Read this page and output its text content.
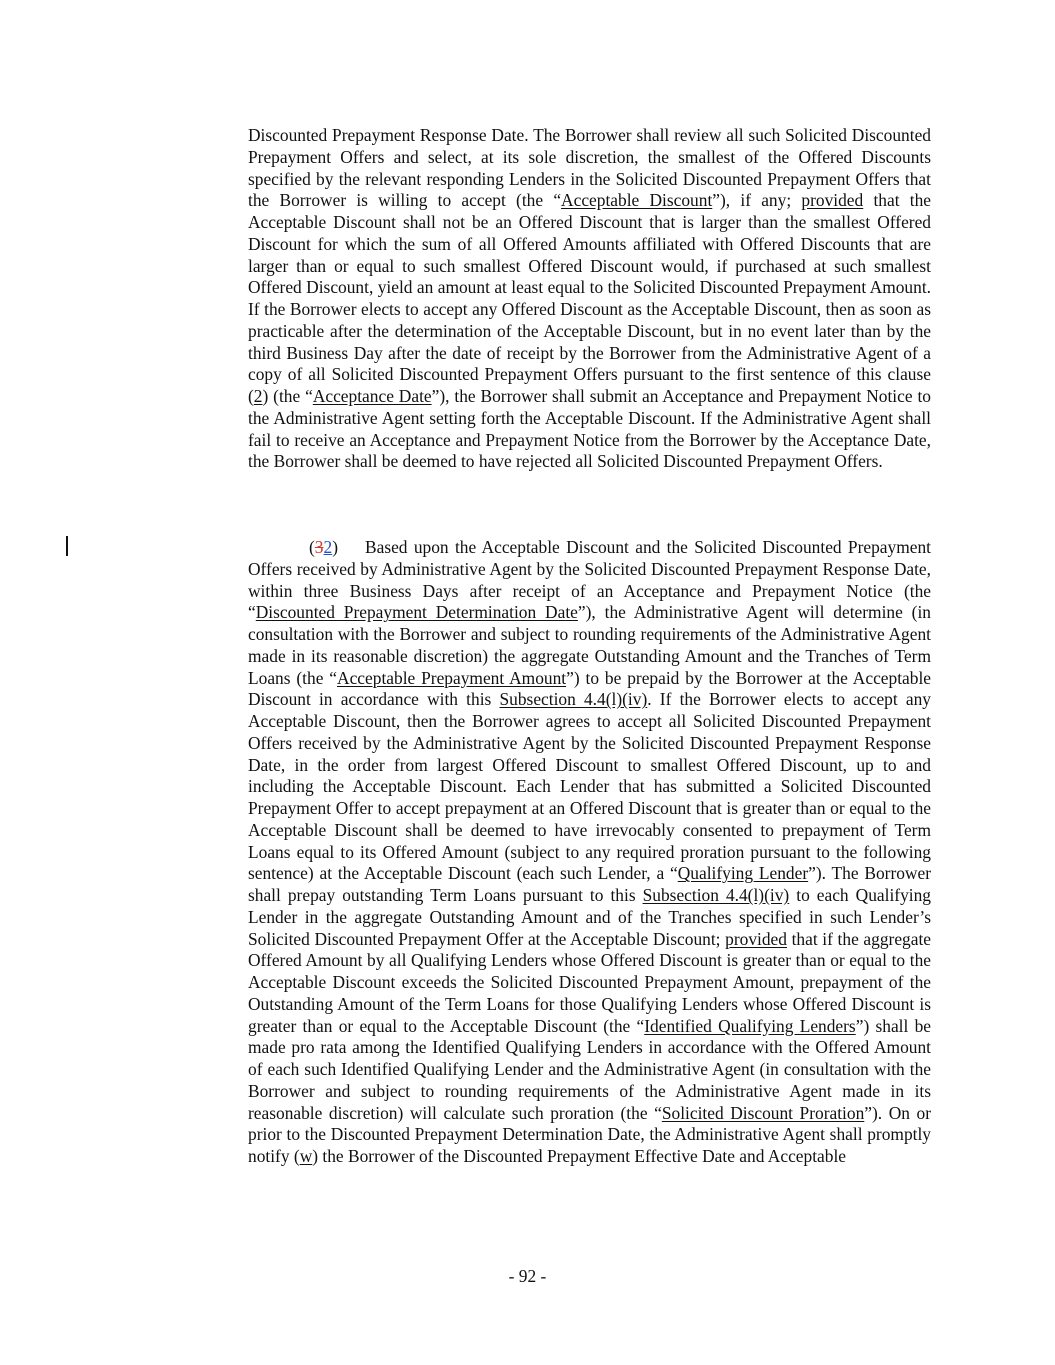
Discounted Prepayment Response Date. The Borrower shall review all such Solicited Discounted Prepayment Offers and select, at its sole discretion, the smallest of the Offered Discounts specified by the relevant responding Lenders in the Solicited Discounted Prepayment Offers that the Borrower is willing to accept (the “Acceptable Discount”), if any; provided that the Acceptable Discount shall not be an Offered Discount that is larger than the smallest Offered Discount for which the sum of all Offered Amounts affiliated with Offered Discounts that are larger than or equal to such smallest Offered Discount would, if purchased at such smallest Offered Discount, yield an amount at least equal to the Solicited Discounted Prepayment Amount. If the Borrower elects to accept any Offered Discount as the Acceptable Discount, then as soon as practicable after the determination of the Acceptable Discount, but in no event later than by the third Business Day after the date of receipt by the Borrower from the Administrative Agent of a copy of all Solicited Discounted Prepayment Offers pursuant to the first sentence of this clause (2) (the “Acceptance Date”), the Borrower shall submit an Acceptance and Prepayment Notice to the Administrative Agent setting forth the Acceptable Discount. If the Administrative Agent shall fail to receive an Acceptance and Prepayment Notice from the Borrower by the Acceptance Date, the Borrower shall be deemed to have rejected all Solicited Discounted Prepayment Offers.

(32) Based upon the Acceptable Discount and the Solicited Discounted Prepayment Offers received by Administrative Agent by the Solicited Discounted Prepayment Response Date, within three Business Days after receipt of an Acceptance and Prepayment Notice (the “Discounted Prepayment Determination Date”), the Administrative Agent will determine (in consultation with the Borrower and subject to rounding requirements of the Administrative Agent made in its reasonable discretion) the aggregate Outstanding Amount and the Tranches of Term Loans (the “Acceptable Prepayment Amount”) to be prepaid by the Borrower at the Acceptable Discount in accordance with this Subsection 4.4(l)(iv). If the Borrower elects to accept any Acceptable Discount, then the Borrower agrees to accept all Solicited Discounted Prepayment Offers received by the Administrative Agent by the Solicited Discounted Prepayment Response Date, in the order from largest Offered Discount to smallest Offered Discount, up to and including the Acceptable Discount. Each Lender that has submitted a Solicited Discounted Prepayment Offer to accept prepayment at an Offered Discount that is greater than or equal to the Acceptable Discount shall be deemed to have irrevocably consented to prepayment of Term Loans equal to its Offered Amount (subject to any required proration pursuant to the following sentence) at the Acceptable Discount (each such Lender, a “Qualifying Lender”). The Borrower shall prepay outstanding Term Loans pursuant to this Subsection 4.4(l)(iv) to each Qualifying Lender in the aggregate Outstanding Amount and of the Tranches specified in such Lender’s Solicited Discounted Prepayment Offer at the Acceptable Discount; provided that if the aggregate Offered Amount by all Qualifying Lenders whose Offered Discount is greater than or equal to the Acceptable Discount exceeds the Solicited Discounted Prepayment Amount, prepayment of the Outstanding Amount of the Term Loans for those Qualifying Lenders whose Offered Discount is greater than or equal to the Acceptable Discount (the “Identified Qualifying Lenders”) shall be made pro rata among the Identified Qualifying Lenders in accordance with the Offered Amount of each such Identified Qualifying Lender and the Administrative Agent (in consultation with the Borrower and subject to rounding requirements of the Administrative Agent made in its reasonable discretion) will calculate such proration (the “Solicited Discount Proration”). On or prior to the Discounted Prepayment Determination Date, the Administrative Agent shall promptly notify (w) the Borrower of the Discounted Prepayment Effective Date and Acceptable

- 92 -
